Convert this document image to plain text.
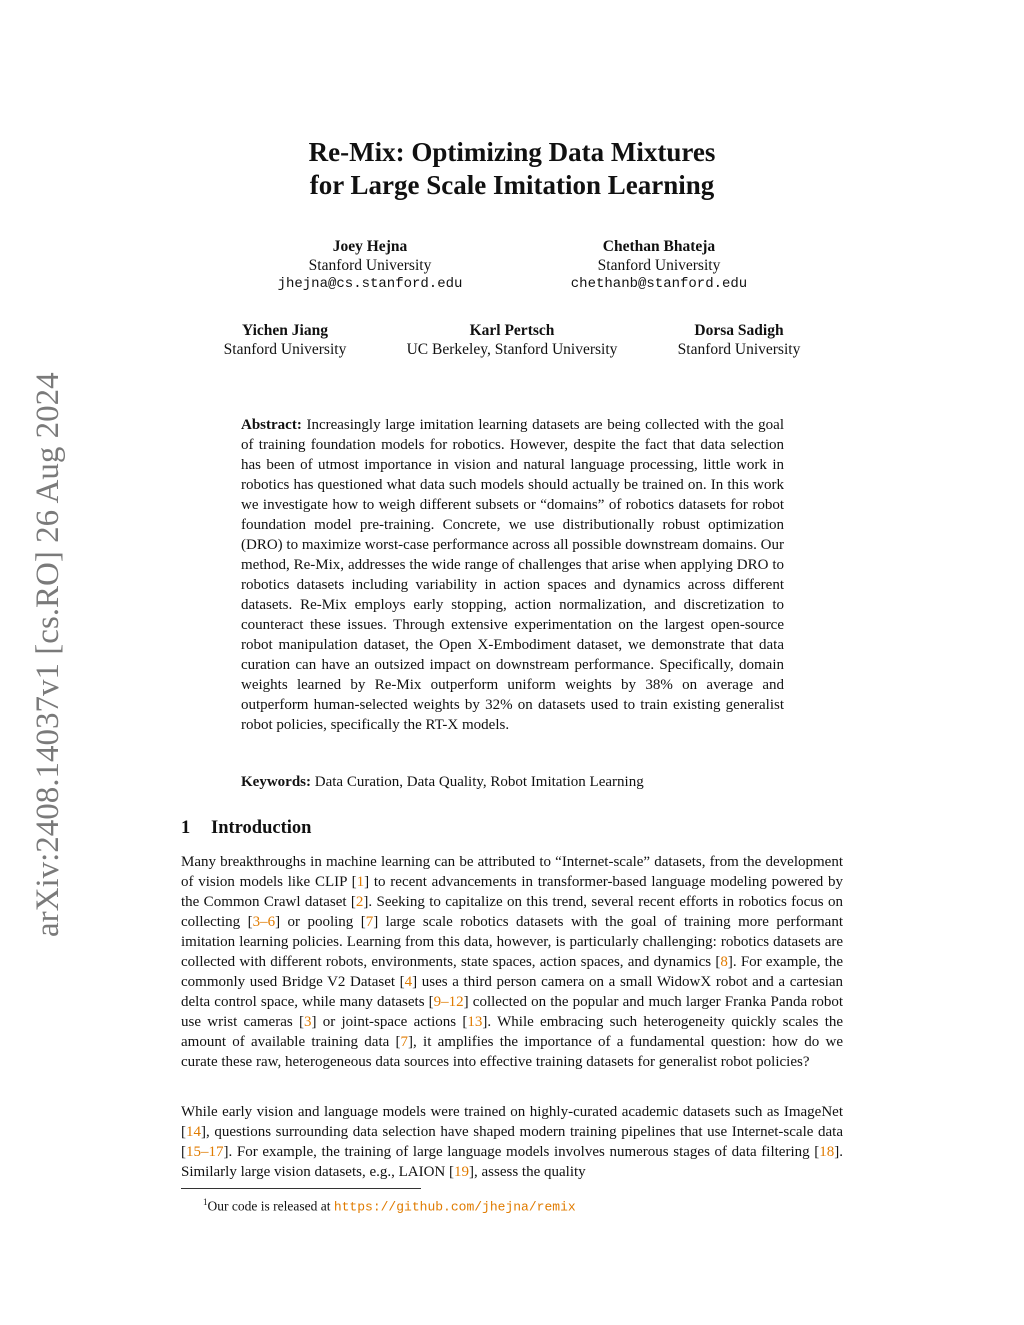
arXiv:2408.14037v1 [cs.RO] 26 Aug 2024
Re-Mix: Optimizing Data Mixtures
for Large Scale Imitation Learning
Joey Hejna
Stanford University
jhejna@cs.stanford.edu
Chethan Bhateja
Stanford University
chethanb@stanford.edu
Yichen Jiang
Stanford University
Karl Pertsch
UC Berkeley, Stanford University
Dorsa Sadigh
Stanford University
Abstract: Increasingly large imitation learning datasets are being collected with the goal of training foundation models for robotics. However, despite the fact that data selection has been of utmost importance in vision and natural language processing, little work in robotics has questioned what data such models should actually be trained on. In this work we investigate how to weigh different subsets or “domains” of robotics datasets for robot foundation model pre-training. Concrete, we use distributionally robust optimization (DRO) to maximize worst-case performance across all possible downstream domains. Our method, Re-Mix, addresses the wide range of challenges that arise when applying DRO to robotics datasets including variability in action spaces and dynamics across different datasets. Re-Mix employs early stopping, action normalization, and discretization to counteract these issues. Through extensive experimentation on the largest open-source robot manipulation dataset, the Open X-Embodiment dataset, we demonstrate that data curation can have an outsized impact on downstream performance. Specifically, domain weights learned by Re-Mix outperform uniform weights by 38% on average and outperform human-selected weights by 32% on datasets used to train existing generalist robot policies, specifically the RT-X models.
Keywords: Data Curation, Data Quality, Robot Imitation Learning
1 Introduction
Many breakthroughs in machine learning can be attributed to “Internet-scale” datasets, from the development of vision models like CLIP [1] to recent advancements in transformer-based language modeling powered by the Common Crawl dataset [2]. Seeking to capitalize on this trend, several recent efforts in robotics focus on collecting [3–6] or pooling [7] large scale robotics datasets with the goal of training more performant imitation learning policies. Learning from this data, however, is particularly challenging: robotics datasets are collected with different robots, environments, state spaces, action spaces, and dynamics [8]. For example, the commonly used Bridge V2 Dataset [4] uses a third person camera on a small WidowX robot and a cartesian delta control space, while many datasets [9–12] collected on the popular and much larger Franka Panda robot use wrist cameras [3] or joint-space actions [13]. While embracing such heterogeneity quickly scales the amount of available training data [7], it amplifies the importance of a fundamental question: how do we curate these raw, heterogeneous data sources into effective training datasets for generalist robot policies?
While early vision and language models were trained on highly-curated academic datasets such as ImageNet [14], questions surrounding data selection have shaped modern training pipelines that use Internet-scale data [15–17]. For example, the training of large language models involves numerous stages of data filtering [18]. Similarly large vision datasets, e.g., LAION [19], assess the quality
$^1$Our code is released at https://github.com/jhejna/remix
